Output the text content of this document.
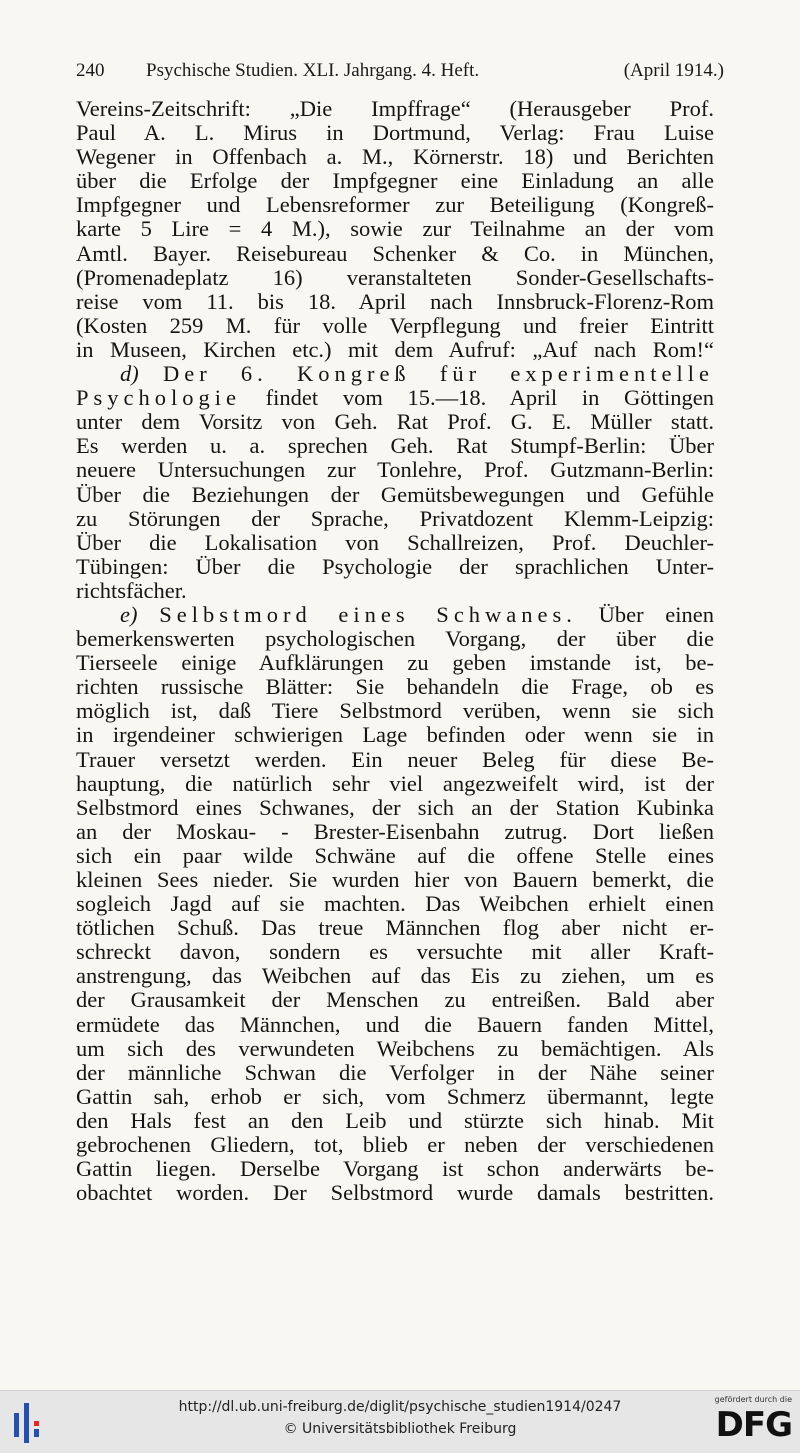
240 Psychische Studien. XLI. Jahrgang. 4. Heft.	(April 1914.)
Vereins-Zeitschrift: „Die Impffrage“ (Herausgeber Prof.
Paul A. L. Mirus in Dortmund, Verlag: Frau Luise
Wegener in Offenbach a. M., Körnerstr. 18) und Berichten
über die Erfolge der Impfgegner eine Einladung an alle
Impfgegner und Lebensreformer zur Beteiligung (Kongreß-
karte 5 Lire = 4 M.), sowie zur Teilnahme an der vom
Amtl. Bayer. Reisebureau Schenker & Co. in München,
(Promenadeplatz 16) veranstalteten Sonder-Gesellschafts-
reise vom 11. bis 18. April nach Innsbruck-Florenz-Rom
(Kosten 259 M. für volle Verpflegung und freier Eintritt
in Museen, Kirchen etc.) mit dem Aufruf: „Auf nach Rom!“
d) Der 6. Kongreß für experimentelle
Psychologie findet vom 15.—18. April in Göttingen
unter dem Vorsitz von Geh. Rat Prof. G. E. Müller statt.
Es werden u. a. sprechen Geh. Rat Stumpf-Berlin: Über
neuere Untersuchungen zur Tonlehre, Prof. Gutzmann-Berlin:
Über die Beziehungen der Gemütsbewegungen und Gefühle
zu Störungen der Sprache, Privatdozent Klemm-Leipzig:
Über die Lokalisation von Schallreizen, Prof. Deuchler-
Tübingen: Über die Psychologie der sprachlichen Unter-
richtsfächer.
e) Selbstmord eines Schwanes. Über einen
bemerkenswerten psychologischen Vorgang, der über die
Tierseele einige Aufklärungen zu geben imstande ist, be-
richten russische Blätter: Sie behandeln die Frage, ob es
möglich ist, daß Tiere Selbstmord verüben, wenn sie sich
in irgendeiner schwierigen Lage befinden oder wenn sie in
Trauer versetzt werden. Ein neuer Beleg für diese Be-
hauptung, die natürlich sehr viel angezweifelt wird, ist der
Selbstmord eines Schwanes, der sich an der Station Kubinka
an der Moskau- - Brester-Eisenbahn zutrug. Dort ließen
sich ein paar wilde Schwäne auf die offene Stelle eines
kleinen Sees nieder. Sie wurden hier von Bauern bemerkt, die
sogleich Jagd auf sie machten. Das Weibchen erhielt einen
tötlichen Schuß. Das treue Männchen flog aber nicht er-
schreckt davon, sondern es versuchte mit aller Kraft-
anstrengung, das Weibchen auf das Eis zu ziehen, um es
der Grausamkeit der Menschen zu entreißen. Bald aber
ermüdete das Männchen, und die Bauern fanden Mittel,
um sich des verwundeten Weibchens zu bemächtigen. Als
der männliche Schwan die Verfolger in der Nähe seiner
Gattin sah, erhob er sich, vom Schmerz übermannt, legte
den Hals fest an den Leib und stürzte sich hinab. Mit
gebrochenen Gliedern, tot, blieb er neben der verschiedenen
Gattin liegen. Derselbe Vorgang ist schon anderwärts be-
obachtet worden. Der Selbstmord wurde damals bestritten.
http://dl.ub.uni-freiburg.de/diglit/psychische_studien1914/0247
© Universitätsbibliothek Freiburg
gefördert durch die
DFG
